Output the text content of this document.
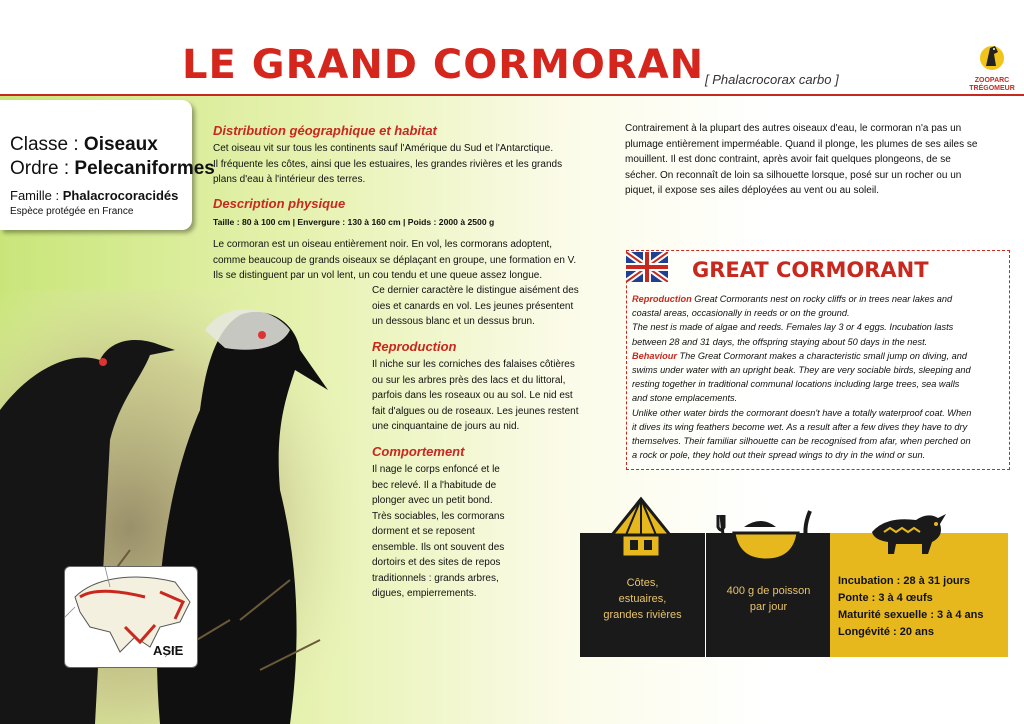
LE GRAND CORMORAN [ Phalacrocorax carbo ]	ZOOPARC
TRÉGOMEUR
Classe : Oiseaux
Ordre : Pelecaniformes
Famille : Phalacrocoracidés
Espèce protégée en France
ASIE
Distribution géographique et habitat
Cet oiseau vit sur tous les continents sauf l'Amérique du Sud et l'Antarctique.
Il fréquente les côtes, ainsi que les estuaires, les grandes rivières et les grands
plans d'eau à l'intérieur des terres.
Description physique
Taille : 80 à 100 cm | Envergure : 130 à 160 cm | Poids : 2000 à 2500 g
Le cormoran est un oiseau entièrement noir. En vol, les cormorans adoptent,
comme beaucoup de grands oiseaux se déplaçant en groupe, une formation en V.
Ils se distinguent par un vol lent, un cou tendu et une queue assez longue.
Ce dernier caractère le distingue aisément des
oies et canards en vol. Les jeunes présentent
un dessous blanc et un dessus brun.
Reproduction
Il niche sur les corniches des falaises côtières
ou sur les arbres près des lacs et du littoral,
parfois dans les roseaux ou au sol. Le nid est
fait d'algues ou de roseaux. Les jeunes restent
une cinquantaine de jours au nid.
Comportement
Il nage le corps enfoncé et le
bec relevé. Il a l'habitude de
plonger avec un petit bond.
Très sociables, les cormorans
dorment et se reposent
ensemble. Ils ont souvent des
dortoirs et des sites de repos
traditionnels : grands arbres,
digues, empierrements.
Contrairement à la plupart des autres oiseaux d'eau, le cormoran n'a pas un
plumage entièrement imperméable. Quand il plonge, les plumes de ses ailes se
mouillent. Il est donc contraint, après avoir fait quelques plongeons, de se
sécher. On reconnaît de loin sa silhouette lorsque, posé sur un rocher ou un
piquet, il expose ses ailes déployées au vent ou au soleil.
GREAT CORMORANT
Reproduction Great Cormorants nest on rocky cliffs or in trees near lakes and
coastal areas, occasionally in reeds or on the ground.
The nest is made of algae and reeds. Females lay 3 or 4 eggs. Incubation lasts
between 28 and 31 days, the offspring staying about 50 days in the nest.
Behaviour The Great Cormorant makes a characteristic small jump on diving, and
swims under water with an upright beak. They are very sociable birds, sleeping and
resting together in traditional communal locations including large trees, sea walls
and stone emplacements.
Unlike other water birds the cormorant doesn't have a totally waterproof coat. When
it dives its wing feathers become wet. As a result after a few dives they have to dry
themselves. Their familiar silhouette can be recognised from afar, when perched on
a rock or pole, they hold out their spread wings to dry in the wind or sun.
Côtes,
estuaires,
grandes rivières
400 g de poisson
par jour
Incubation : 28 à 31 jours
Ponte : 3 à 4 œufs
Maturité sexuelle : 3 à 4 ans
Longévité : 20 ans
